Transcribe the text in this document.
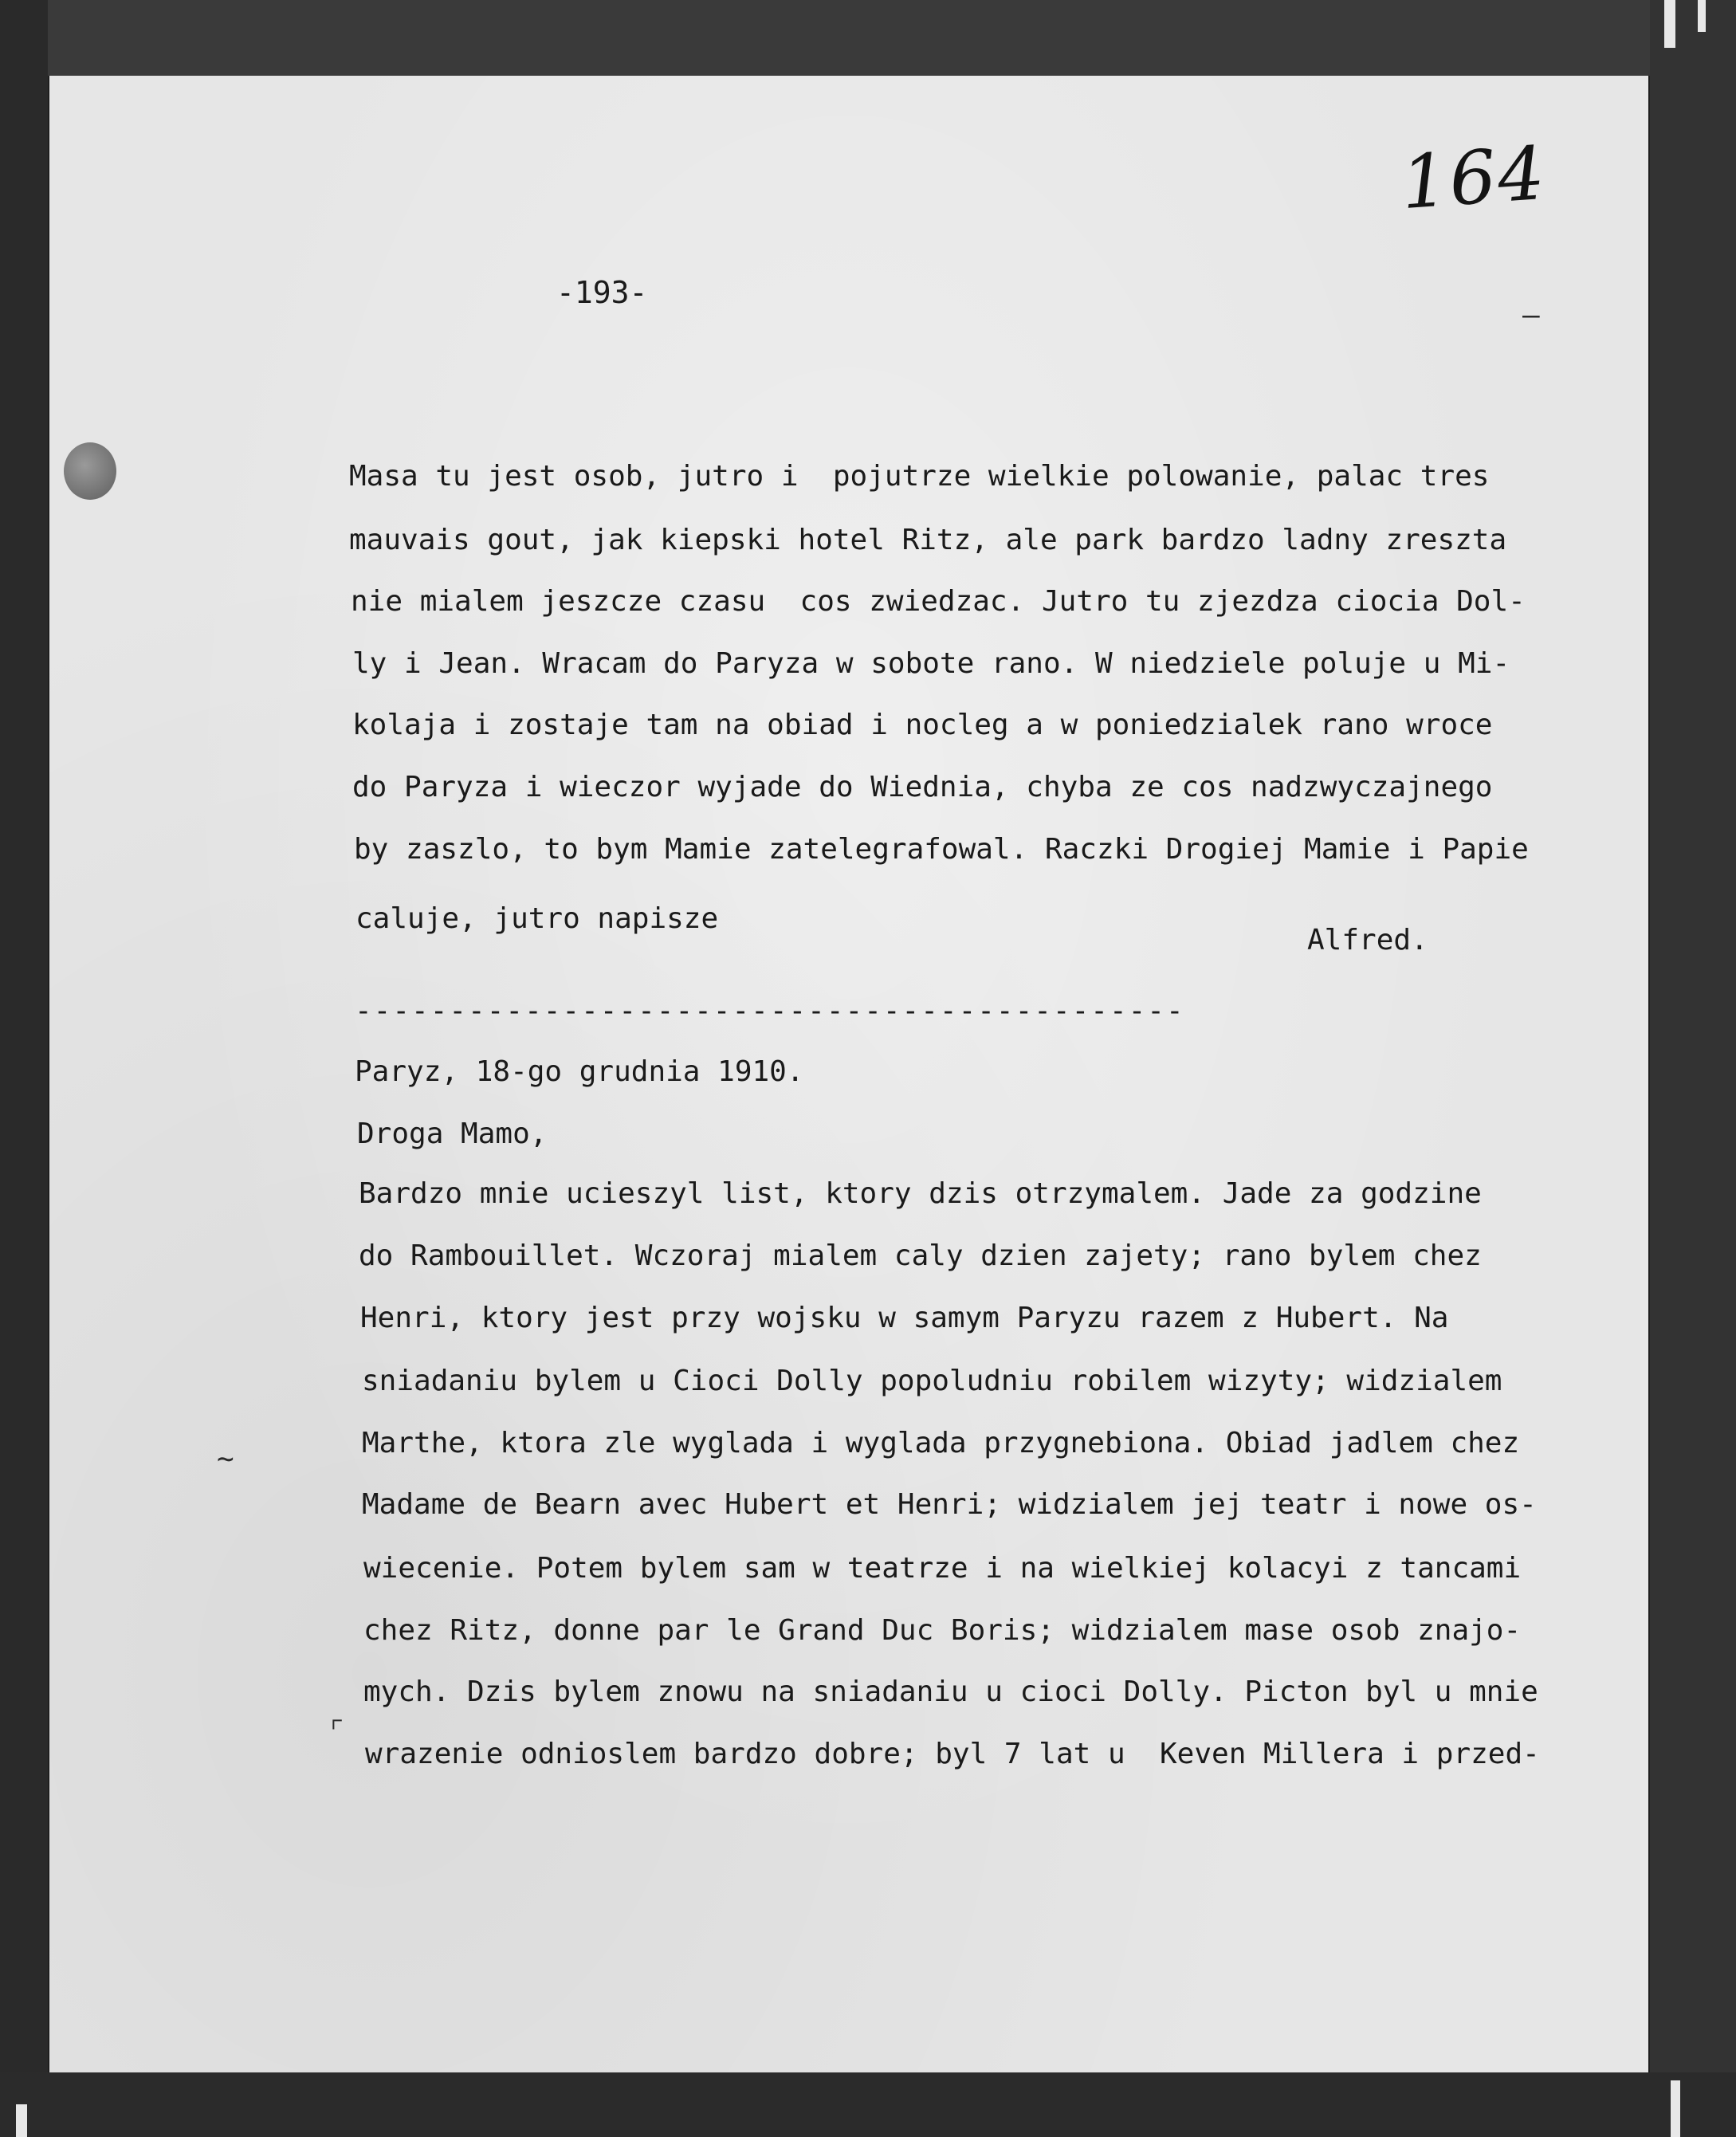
164
-193-
Masa tu jest osob, jutro i  pojutrze wielkie polowanie, palac tres
mauvais gout, jak kiepski hotel Ritz, ale park bardzo ladny zreszta
nie mialem jeszcze czasu  cos zwiedzac. Jutro tu zjezdza ciocia Dol-
ly i Jean. Wracam do Paryza w sobote rano. W niedziele poluje u Mi-
kolaja i zostaje tam na obiad i nocleg a w poniedzialek rano wroce
do Paryza i wieczor wyjade do Wiednia, chyba ze cos nadzwyczajnego
by zaszlo, to bym Mamie zatelegrafowal. Raczki Drogiej Mamie i Papie
caluje, jutro napisze
Alfred.
--------------------------------------------
Paryz, 18-go grudnia 1910.
Droga Mamo,
Bardzo mnie ucieszyl list, ktory dzis otrzymalem. Jade za godzine
do Rambouillet. Wczoraj mialem caly dzien zajety; rano bylem chez
Henri, ktory jest przy wojsku w samym Paryzu razem z Hubert. Na
sniadaniu bylem u Cioci Dolly popoludniu robilem wizyty; widzialem
Marthe, ktora zle wyglada i wyglada przygnebiona. Obiad jadlem chez
Madame de Bearn avec Hubert et Henri; widzialem jej teatr i nowe os-
wiecenie. Potem bylem sam w teatrze i na wielkiej kolacyi z tancami
chez Ritz, donne par le Grand Duc Boris; widzialem mase osob znajo-
mych. Dzis bylem znowu na sniadaniu u cioci Dolly. Picton byl u mnie
wrazenie odnioslem bardzo dobre; byl 7 lat u  Keven Millera i przed-
∼
⌜
–
